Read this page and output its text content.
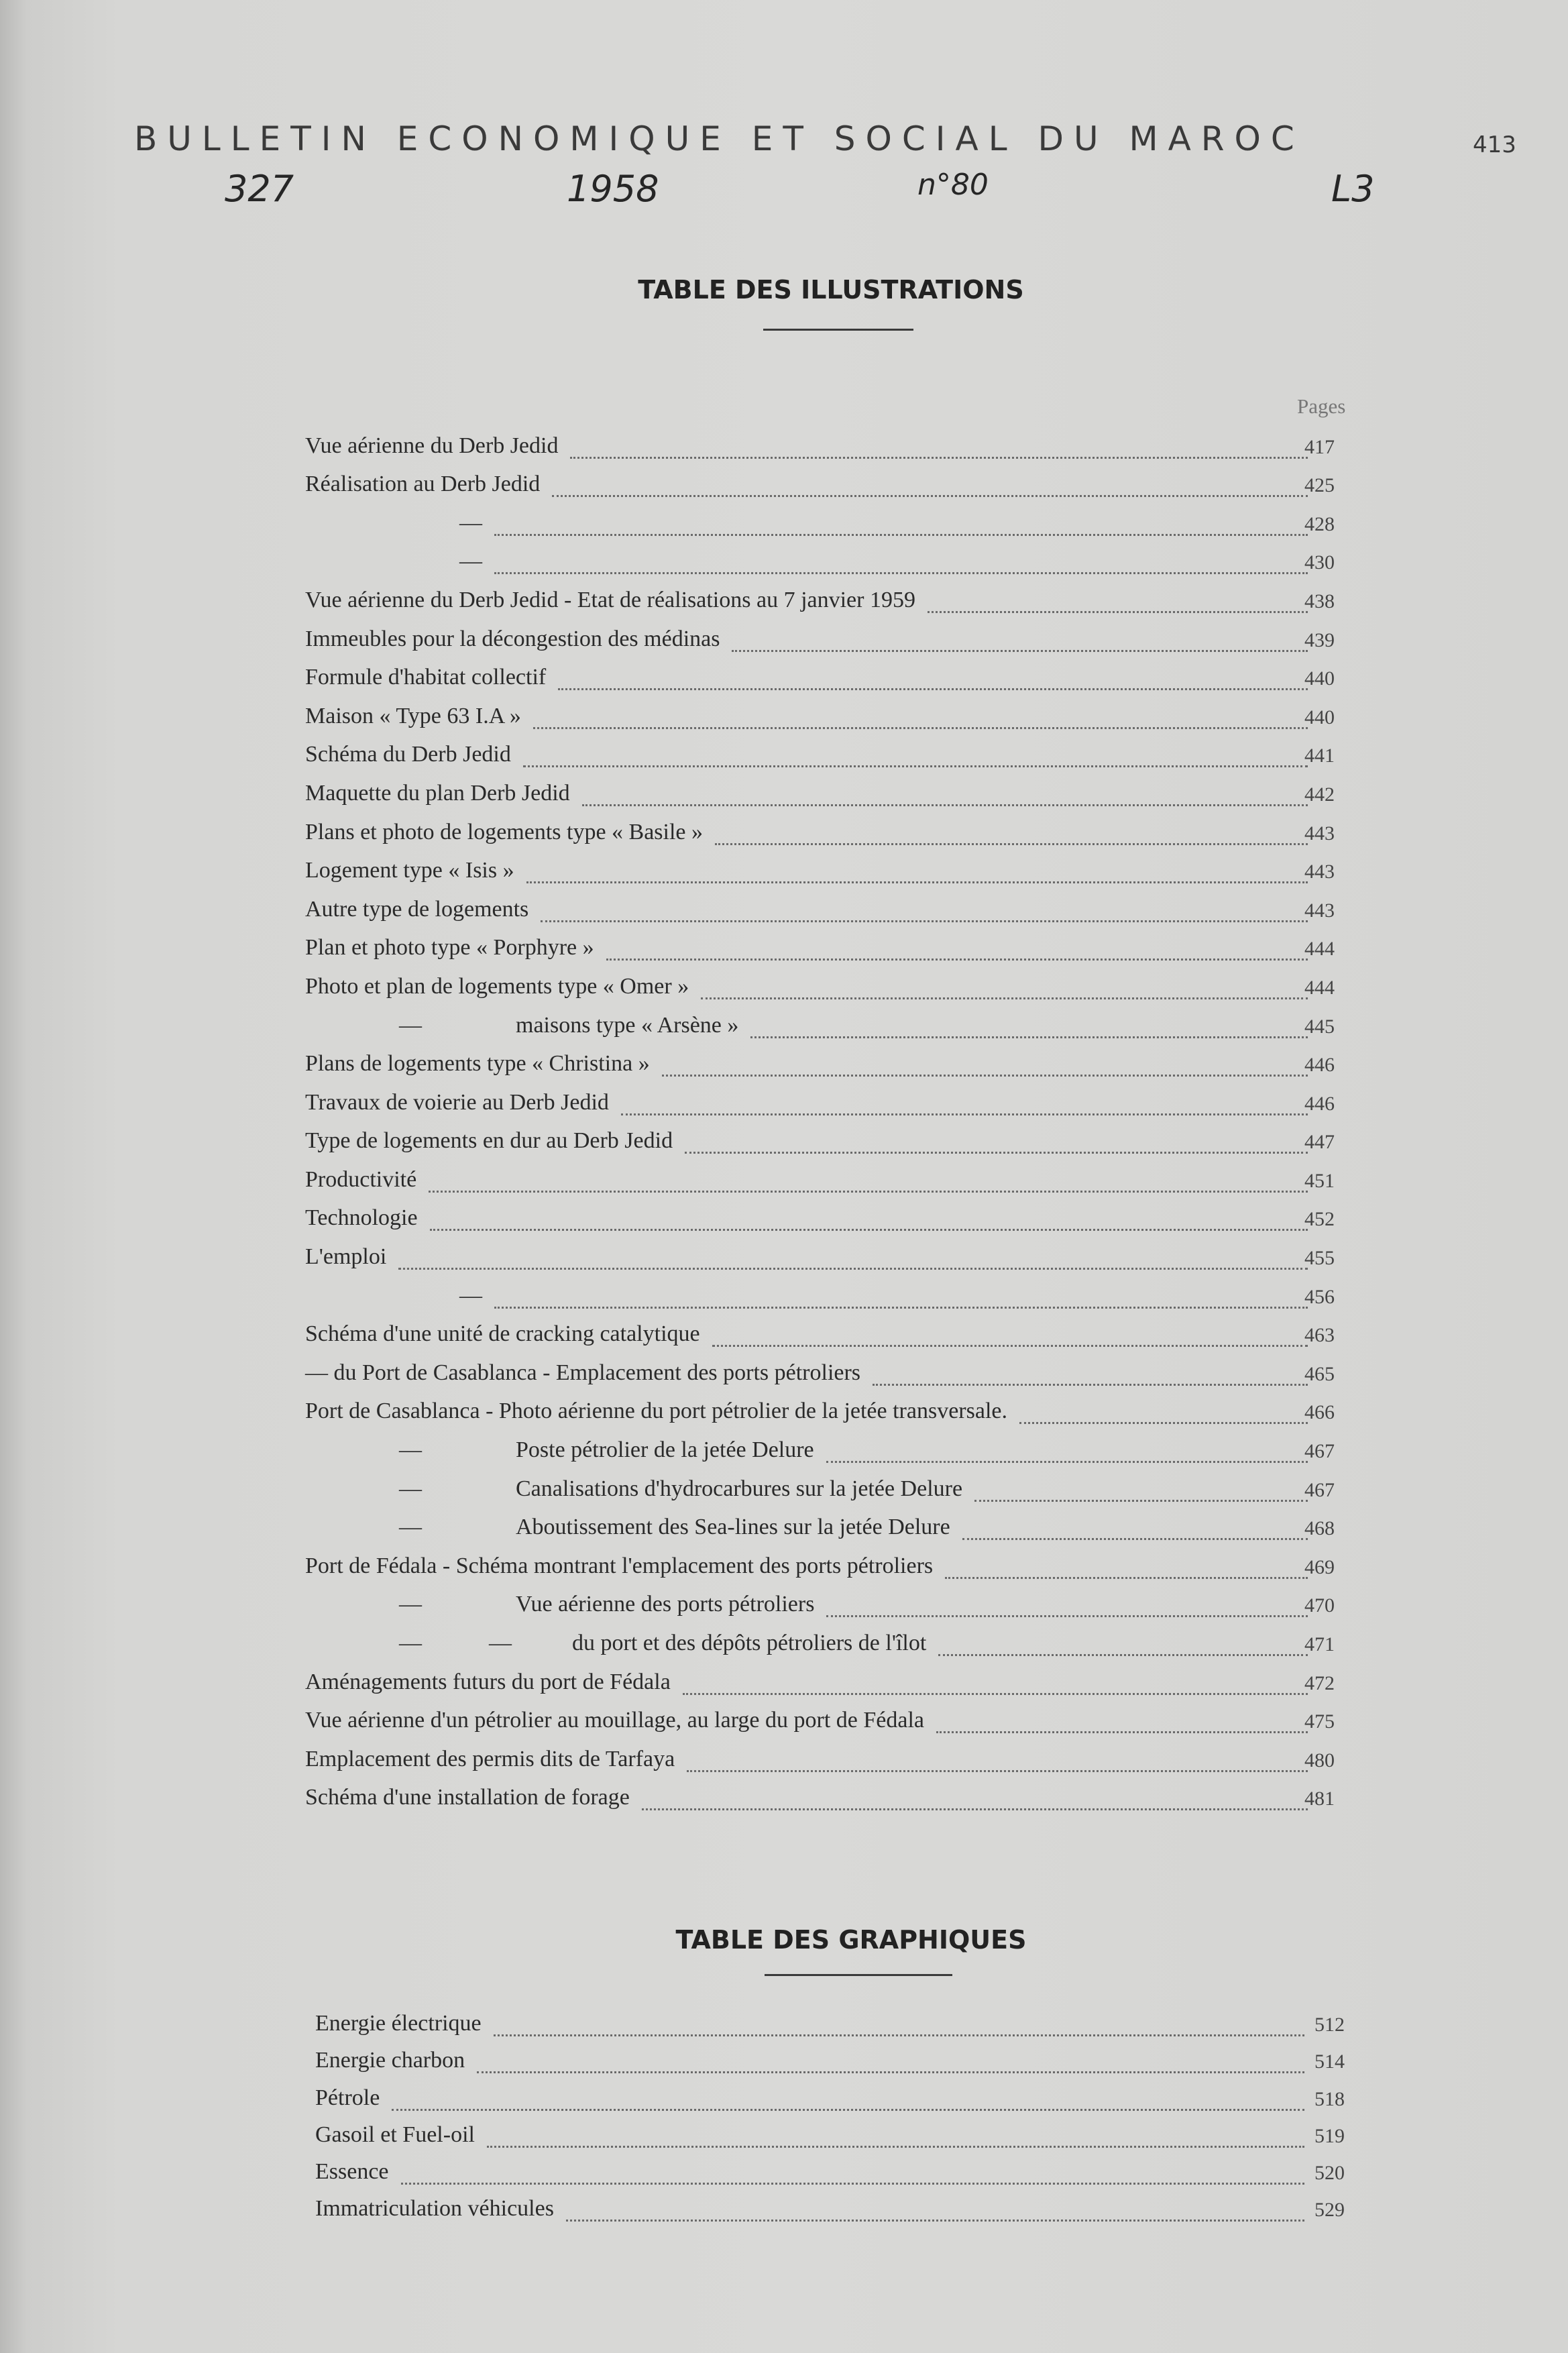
BULLETIN ECONOMIQUE ET SOCIAL DU MAROC	413
327	1958	n°80	L3
TABLE DES ILLUSTRATIONS
Pages
Vue aérienne du Derb Jedid	417
Réalisation au Derb Jedid	425
—	428
—	430
Vue aérienne du Derb Jedid - Etat de réalisations au 7 janvier 1959	438
Immeubles pour la décongestion des médinas	439
Formule d'habitat collectif	440
Maison « Type 63 I.A »	440
Schéma du Derb Jedid	441
Maquette du plan Derb Jedid	442
Plans et photo de logements type « Basile »	443
Logement type « Isis »	443
Autre type de logements	443
Plan et photo type « Porphyre »	444
Photo et plan de logements type « Omer »	444
—	maisons type « Arsène »	445
Plans de logements type « Christina »	446
Travaux de voierie au Derb Jedid	446
Type de logements en dur au Derb Jedid	447
Productivité	451
Technologie	452
L'emploi	455
—	456
Schéma d'une unité de cracking catalytique	463
— du Port de Casablanca - Emplacement des ports pétroliers	465
Port de Casablanca - Photo aérienne du port pétrolier de la jetée transversale.	466
—	Poste pétrolier de la jetée Delure	467
—	Canalisations d'hydrocarbures sur la jetée Delure	467
—	Aboutissement des Sea-lines sur la jetée Delure	468
Port de Fédala - Schéma montrant l'emplacement des ports pétroliers	469
—	Vue aérienne des ports pétroliers	470
—	—	du port et des dépôts pétroliers de l'îlot	471
Aménagements futurs du port de Fédala	472
Vue aérienne d'un pétrolier au mouillage, au large du port de Fédala	475
Emplacement des permis dits de Tarfaya	480
Schéma d'une installation de forage	481
TABLE DES GRAPHIQUES
Energie électrique	512
Energie charbon	514
Pétrole	518
Gasoil et Fuel-oil	519
Essence	520
Immatriculation véhicules	529
